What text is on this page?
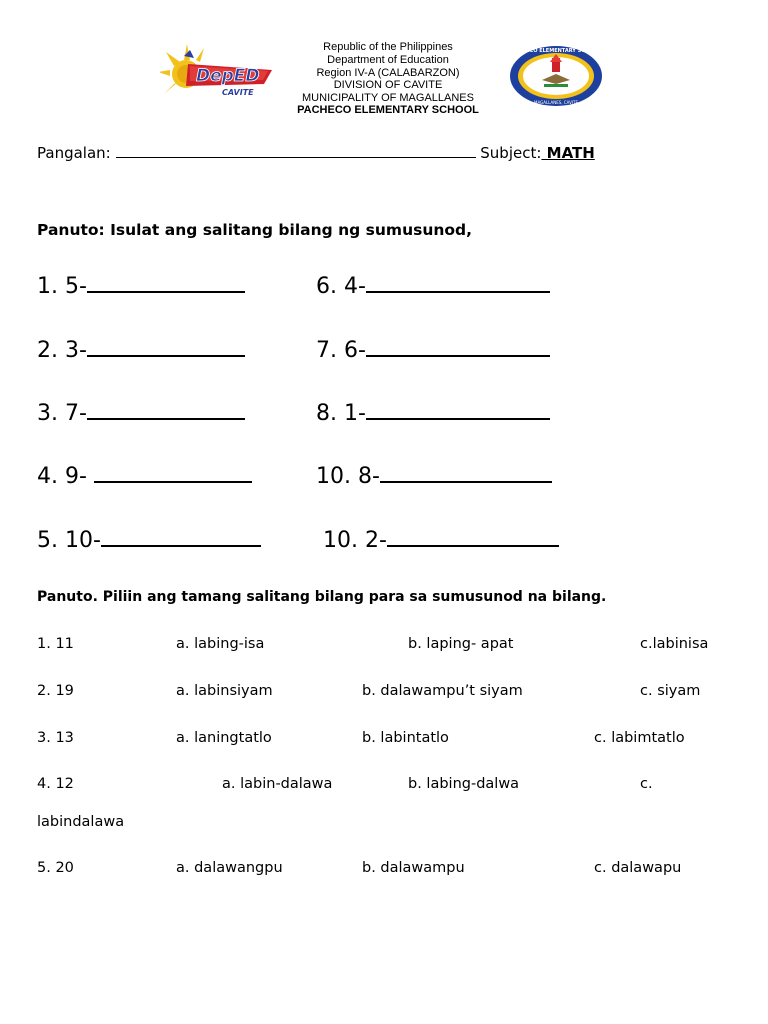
DepED
CAVITE
Republic of the Philippines
Department of Education
Region IV-A (CALABARZON)
DIVISION OF CAVITE
MUNICIPALITY OF MAGALLANES
PACHECO ELEMENTARY SCHOOL
PACHECO ELEMENTARY SCHOOL
MAGALLANES, CAVITE
Pangalan:	Subject: MATH
Panuto: Isulat ang salitang bilang ng sumusunod,
1. 5-
2. 3-
3. 7-
4. 9-
5. 10-
6. 4-
7. 6-
8. 1-
10. 8-
10. 2-
Panuto. Piliin ang tamang salitang bilang para sa sumusunod na bilang.
1. 11	a. labing-isa	b. laping- apat	c.labinisa
2. 19	a. labinsiyam	b. dalawampu’t siyam	c. siyam
3. 13	a. laningtatlo	b. labintatlo	c. labimtatlo
4. 12	a. labin-dalawa	b. labing-dalwa	c.
labindalawa
5. 20	a. dalawangpu	b. dalawampu	c. dalawapu
